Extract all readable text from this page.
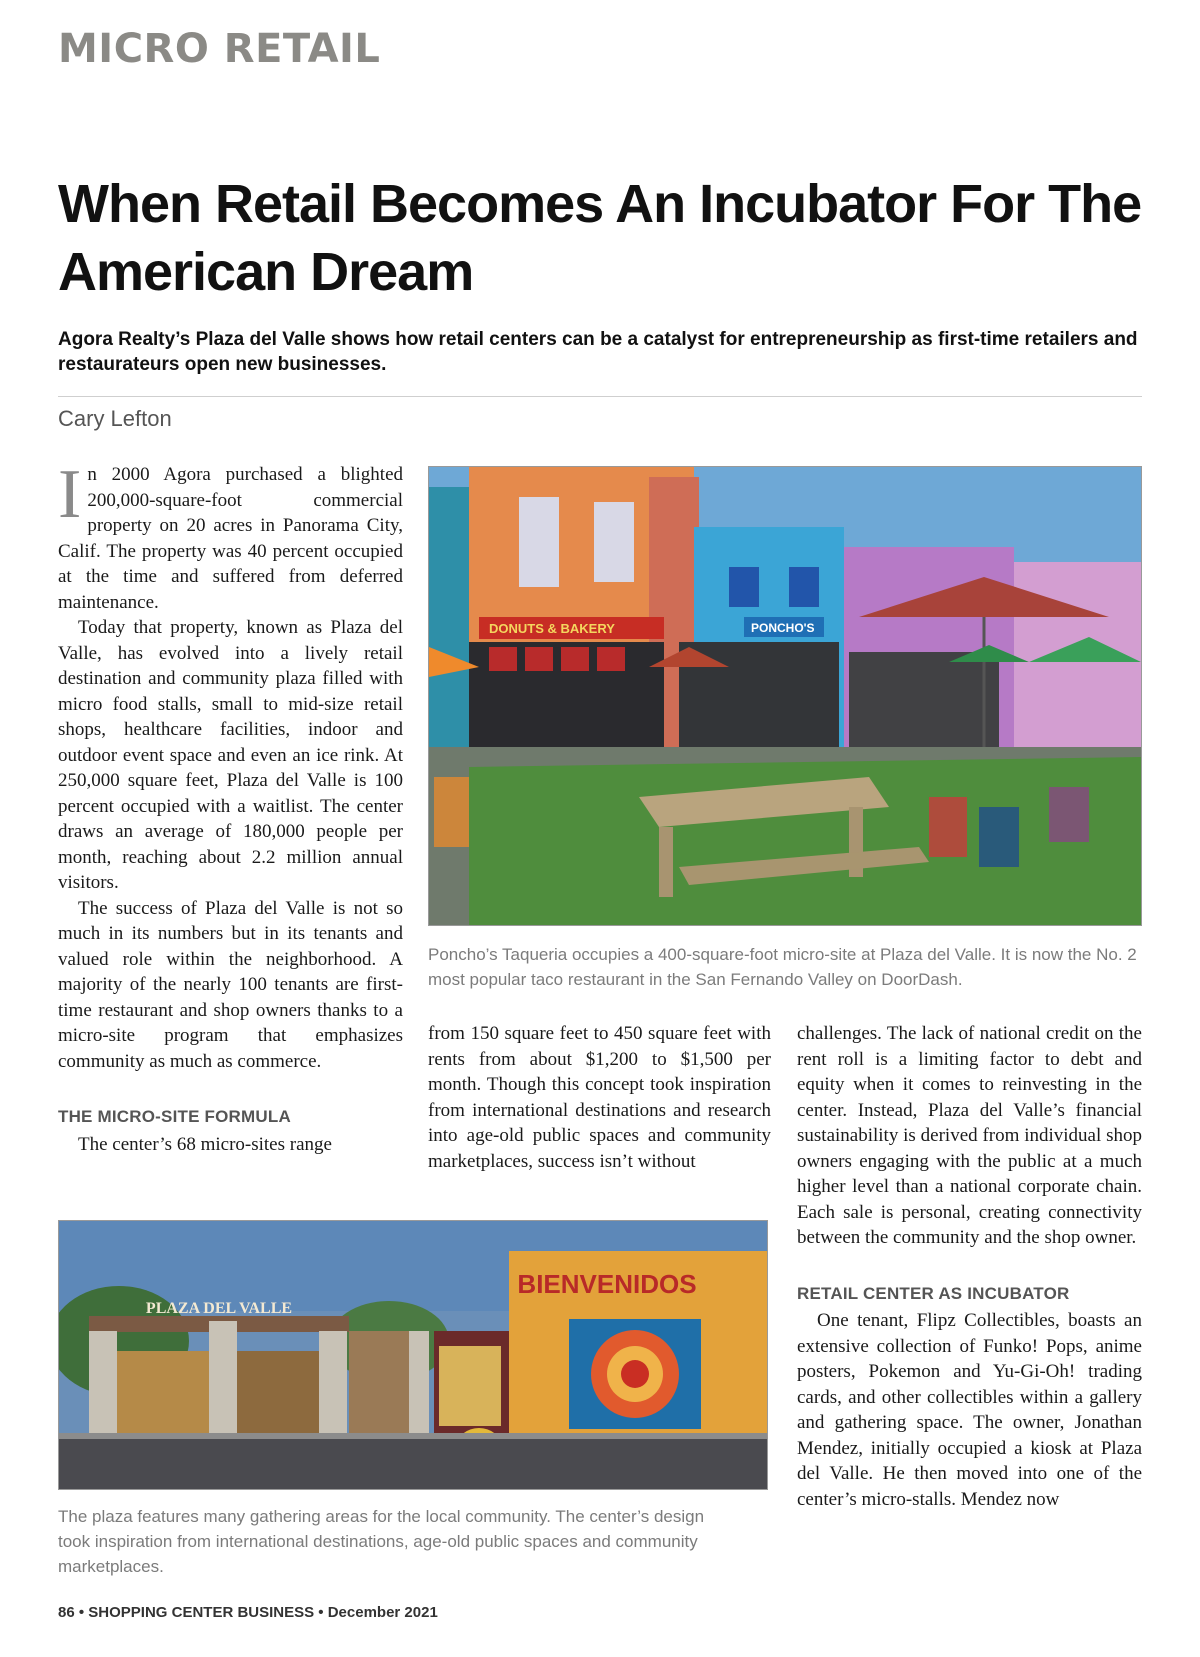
MICRO RETAIL
When Retail Becomes An Incubator For The American Dream
Agora Realty’s Plaza del Valle shows how retail centers can be a catalyst for entrepreneurship as first-time retailers and restaurateurs open new businesses.
Cary Lefton

In 2000 Agora purchased a blighted 200,000-square-foot commercial property on 20 acres in Panorama City, Calif. The property was 40 percent occupied at the time and suffered from deferred maintenance.

Today that property, known as Plaza del Valle, has evolved into a lively retail destination and community plaza filled with micro food stalls, small to mid-size retail shops, healthcare facilities, indoor and outdoor event space and even an ice rink. At 250,000 square feet, Plaza del Valle is 100 percent occupied with a waitlist. The center draws an average of 180,000 people per month, reaching about 2.2 million annual visitors.

The success of Plaza del Valle is not so much in its numbers but in its tenants and valued role within the neighborhood. A majority of the nearly 100 tenants are first-time restaurant and shop owners thanks to a micro-site program that emphasizes community as much as commerce.

THE MICRO-SITE FORMULA

The center’s 68 micro-sites range

DONUTS & BAKERY	PONCHO'S
Poncho’s Taqueria occupies a 400-square-foot micro-site at Plaza del Valle. It is now the No. 2 most popular taco restaurant in the San Fernando Valley on DoorDash.

from 150 square feet to 450 square feet with rents from about $1,200 to $1,500 per month. Though this concept took inspiration from international destinations and research into age-old public spaces and community marketplaces, success isn’t without

challenges. The lack of national credit on the rent roll is a limiting factor to debt and equity when it comes to reinvesting in the center. Instead, Plaza del Valle’s financial sustainability is derived from individual shop owners engaging with the public at a much higher level than a national corporate chain. Each sale is personal, creating connectivity between the community and the shop owner.

RETAIL CENTER AS INCUBATOR

One tenant, Flipz Collectibles, boasts an extensive collection of Funko! Pops, anime posters, Pokemon and Yu-Gi-Oh! trading cards, and other collectibles within a gallery and gathering space. The owner, Jonathan Mendez, initially occupied a kiosk at Plaza del Valle. He then moved into one of the center’s micro-stalls. Mendez now

PLAZA DEL VALLE
BIENVENIDOS
The plaza features many gathering areas for the local community. The center’s design took inspiration from international destinations, age-old public spaces and community marketplaces.
86 • SHOPPING CENTER BUSINESS • December 2021
